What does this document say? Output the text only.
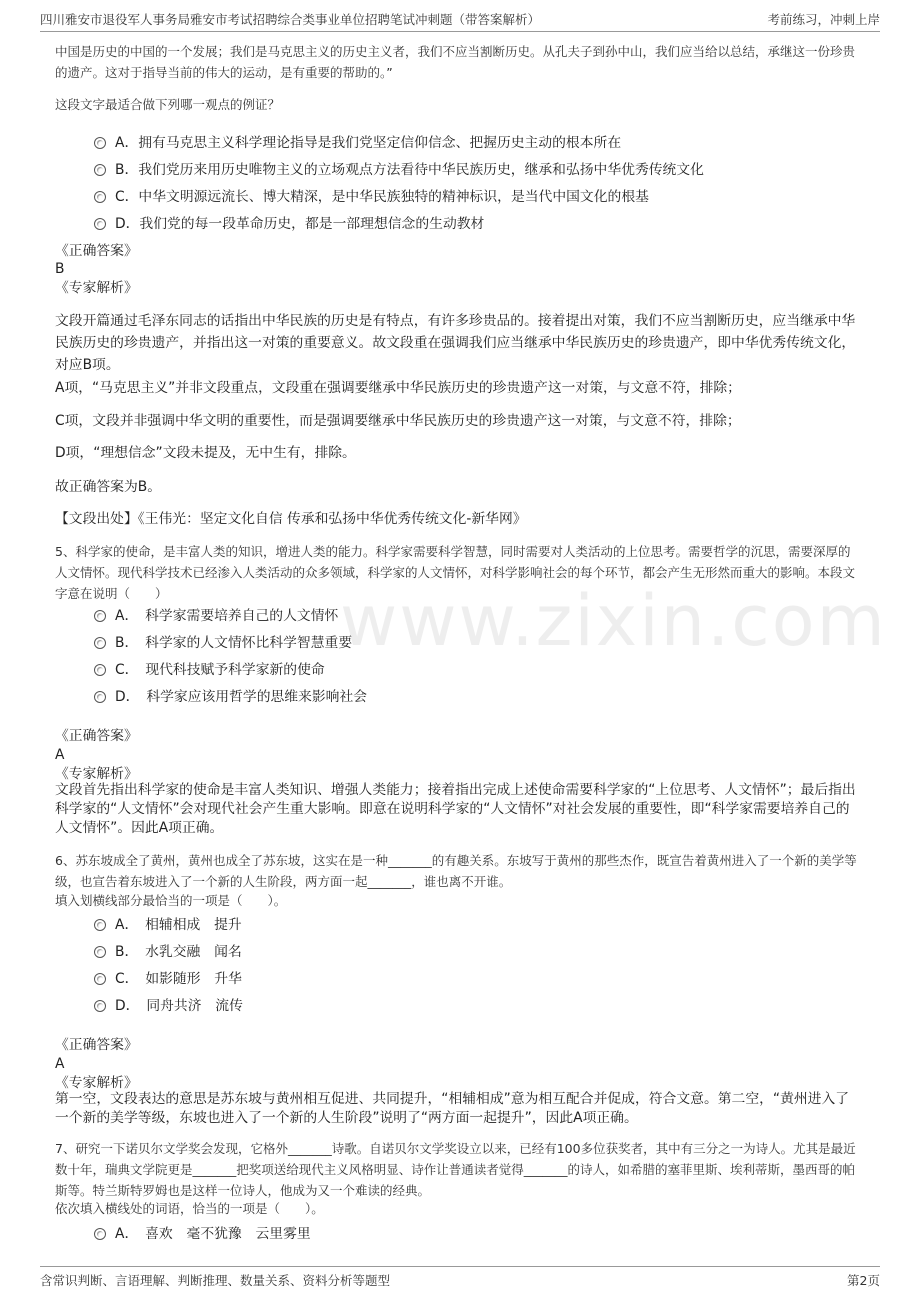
四川雅安市退役军人事务局雅安市考试招聘综合类事业单位招聘笔试冲刺题（带答案解析）	考前练习，冲刺上岸
www.zixin.com

中国是历史的中国的一个发展；我们是马克思主义的历史主义者，我们不应当割断历史。从孔夫子到孙中山，我们应当给以总结，承继这一份珍贵的遗产。这对于指导当前的伟大的运动，是有重要的帮助的。”

这段文字最适合做下列哪一观点的例证？

A．拥有马克思主义科学理论指导是我们党坚定信仰信念、把握历史主动的根本所在
B．我们党历来用历史唯物主义的立场观点方法看待中华民族历史，继承和弘扬中华优秀传统文化
C．中华文明源远流长、博大精深，是中华民族独特的精神标识，是当代中国文化的根基
D．我们党的每一段革命历史，都是一部理想信念的生动教材
《正确答案》
B
《专家解析》

文段开篇通过毛泽东同志的话指出中华民族的历史是有特点，有许多珍贵品的。接着提出对策，我们不应当割断历史，应当继承中华民族历史的珍贵遗产，并指出这一对策的重要意义。故文段重在强调我们应当继承中华民族历史的珍贵遗产，即中华优秀传统文化，对应B项。

A项，“马克思主义”并非文段重点，文段重在强调要继承中华民族历史的珍贵遗产这一对策，与文意不符，排除；

C项，文段并非强调中华文明的重要性，而是强调要继承中华民族历史的珍贵遗产这一对策，与文意不符，排除；

D项，“理想信念”文段未提及，无中生有，排除。

故正确答案为B。

【文段出处】《王伟光：坚定文化自信 传承和弘扬中华优秀传统文化-新华网》

5、科学家的使命，是丰富人类的知识，增进人类的能力。科学家需要科学智慧，同时需要对人类活动的上位思考。需要哲学的沉思，需要深厚的人文情怀。现代科学技术已经渗入人类活动的众多领域，科学家的人文情怀，对科学影响社会的每个环节，都会产生无形然而重大的影响。本段文字意在说明（　　）

A．　科学家需要培养自己的人文情怀
B．　科学家的人文情怀比科学智慧重要
C．　现代科技赋予科学家新的使命
D．　科学家应该用哲学的思维来影响社会
《正确答案》
A
《专家解析》

文段首先指出科学家的使命是丰富人类知识、增强人类能力；接着指出完成上述使命需要科学家的“上位思考、人文情怀”；最后指出科学家的“人文情怀”会对现代社会产生重大影响。即意在说明科学家的“人文情怀”对社会发展的重要性，即“科学家需要培养自己的人文情怀”。因此A项正确。

6、苏东坡成全了黄州，黄州也成全了苏东坡，这实在是一种_______的有趣关系。东坡写于黄州的那些杰作，既宣告着黄州进入了一个新的美学等级，也宣告着东坡进入了一个新的人生阶段，两方面一起_______，谁也离不开谁。

填入划横线部分最恰当的一项是（　　）。

A．　相辅相成　提升
B．　水乳交融　闻名
C．　如影随形　升华
D．　同舟共济　流传
《正确答案》
A
《专家解析》

第一空，文段表达的意思是苏东坡与黄州相互促进、共同提升，“相辅相成”意为相互配合并促成，符合文意。第二空，“黄州进入了一个新的美学等级，东坡也进入了一个新的人生阶段”说明了“两方面一起提升”，因此A项正确。

7、研究一下诺贝尔文学奖会发现，它格外_______诗歌。自诺贝尔文学奖设立以来，已经有100多位获奖者，其中有三分之一为诗人。尤其是最近数十年，瑞典文学院更是_______把奖项送给现代主义风格明显、诗作让普通读者觉得_______的诗人，如希腊的塞菲里斯、埃利蒂斯，墨西哥的帕斯等。特兰斯特罗姆也是这样一位诗人，他成为又一个难读的经典。

依次填入横线处的词语，恰当的一项是（　　）。

A．　喜欢　毫不犹豫　云里雾里
含常识判断、言语理解、判断推理、数量关系、资料分析等题型	第2页
